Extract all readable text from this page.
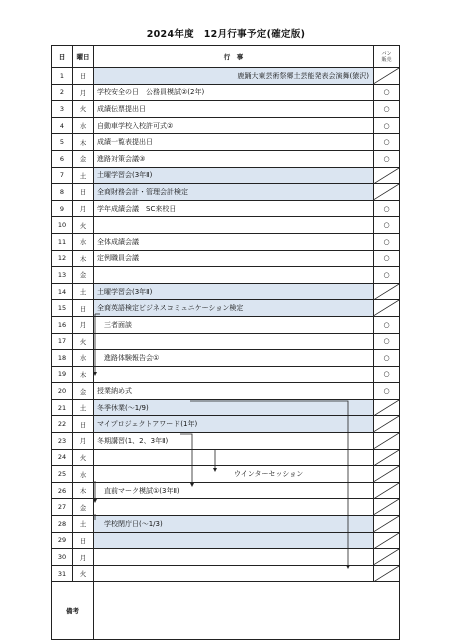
2024年度　12月行事予定(確定版)
日	曜日	行　事	バン
販売

1	日	鹿踊大東芸術祭郷土芸能発表会演舞(猿沢)	

2	月	学校安全の日　公務員模試②(2年)	○
3	火	成績伝票提出日	○
4	水	自動車学校入校許可式②	○
5	木	成績一覧表提出日	○
6	金	進路対策会議③	○
7	土	土曜学習会(3年Ⅱ)	

8	日	全商財務会計・管理会計検定	

9	月	学年成績会議　SC来校日	○
10	火		○
11	水	全体成績会議	○
12	木	定例職員会議	○
13	金		○
14	土	土曜学習会(3年Ⅱ)	

15	日	全商英語検定ビジネスコミュニケーション検定	

16	月	三者面談	○
17	火		○
18	水	進路体験報告会①	○
19	木		○
20	金	授業納め式	○
21	土	冬季休業(～1/9)	

22	日	マイプロジェクトアワード(1年)	

23	月	冬期講習(1、2、3年Ⅱ)	

24	火		

25	水	ウインターセッション	

26	木	直前マーク模試①(3年Ⅱ)	

27	金		

28	土	学校閉庁日(～1/3)	

29	日		

30	月		

31	火		

備考			
